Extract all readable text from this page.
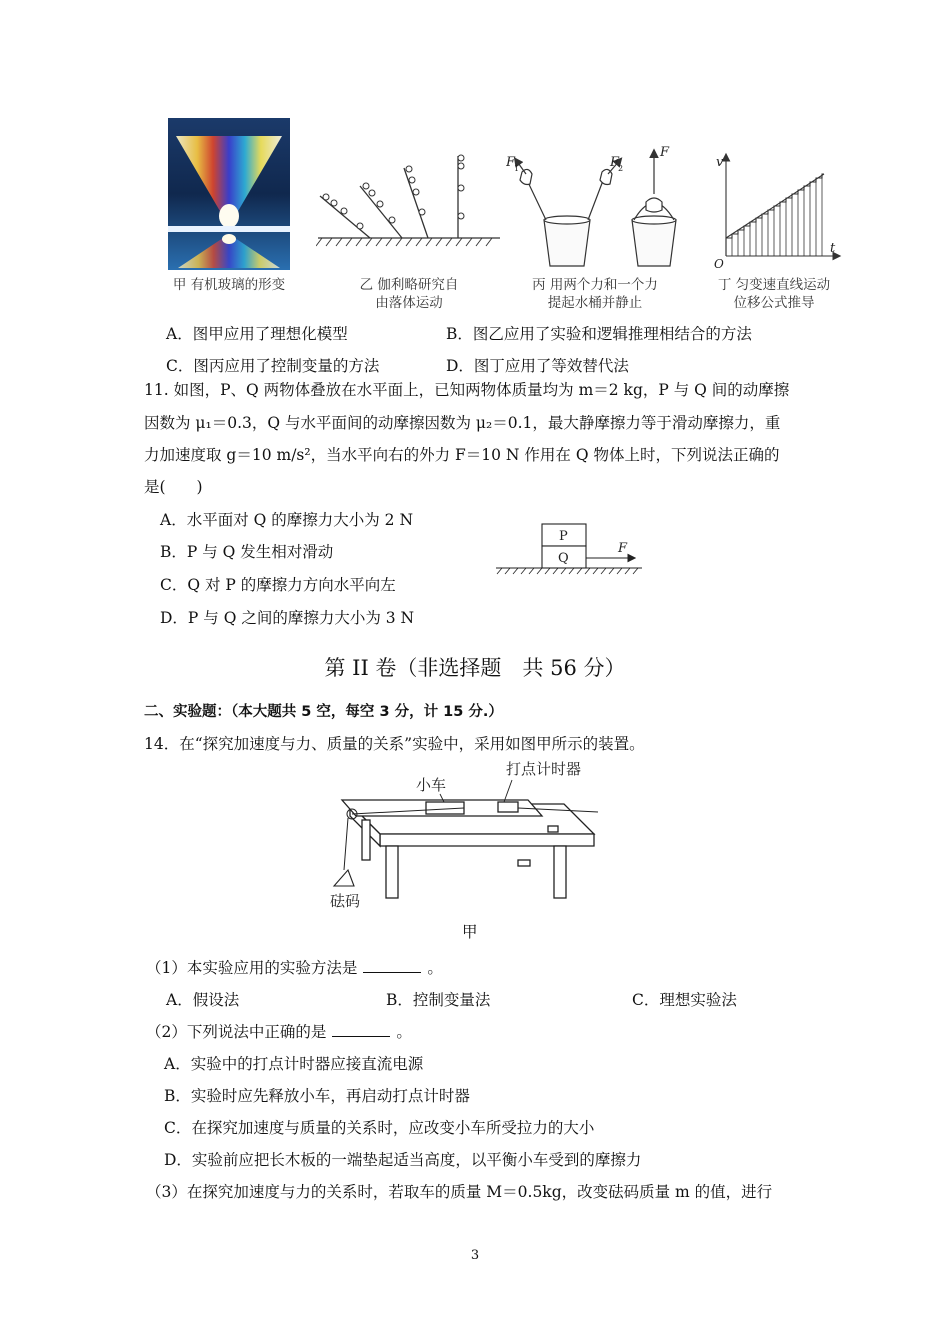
甲 有机玻璃的形变	乙 伽利略研究自
由落体运动
F
1	F
2
F
丙 用两个力和一个力
提起水桶并静止
v
t
O
丁 匀变速直线运动
位移公式推导
A．图甲应用了理想化模型	B．图乙应用了实验和逻辑推理相结合的方法
C．图丙应用了控制变量的方法	D．图丁应用了等效替代法
11. 如图，P、Q 两物体叠放在水平面上，已知两物体质量均为 m＝2 kg，P 与 Q 间的动摩擦
因数为 μ₁＝0.3，Q 与水平面间的动摩擦因数为 μ₂＝0.1，最大静摩擦力等于滑动摩擦力，重
力加速度取 g＝10 m/s²，当水平向右的外力 F＝10 N 作用在 Q 物体上时，下列说法正确的
是(　　)
A．水平面对 Q 的摩擦力大小为 2 N
B．P 与 Q 发生相对滑动
C．Q 对 P 的摩擦力方向水平向左
D．P 与 Q 之间的摩擦力大小为 3 N
P
Q
F
第 II 卷（非选择题　共 56 分）
二、实验题：（本大题共 5 空，每空 3 分，计 15 分.）
14．在“探究加速度与力、质量的关系”实验中，采用如图甲所示的装置。
小车
打点计时器
砝码
甲
（1）本实验应用的实验方法是	。
A．假设法	B．控制变量法	C．理想实验法
（2）下列说法中正确的是	。
A．实验中的打点计时器应接直流电源
B．实验时应先释放小车，再启动打点计时器
C．在探究加速度与质量的关系时，应改变小车所受拉力的大小
D．实验前应把长木板的一端垫起适当高度，以平衡小车受到的摩擦力
（3）在探究加速度与力的关系时，若取车的质量 M＝0.5kg，改变砝码质量 m 的值，进行
3
